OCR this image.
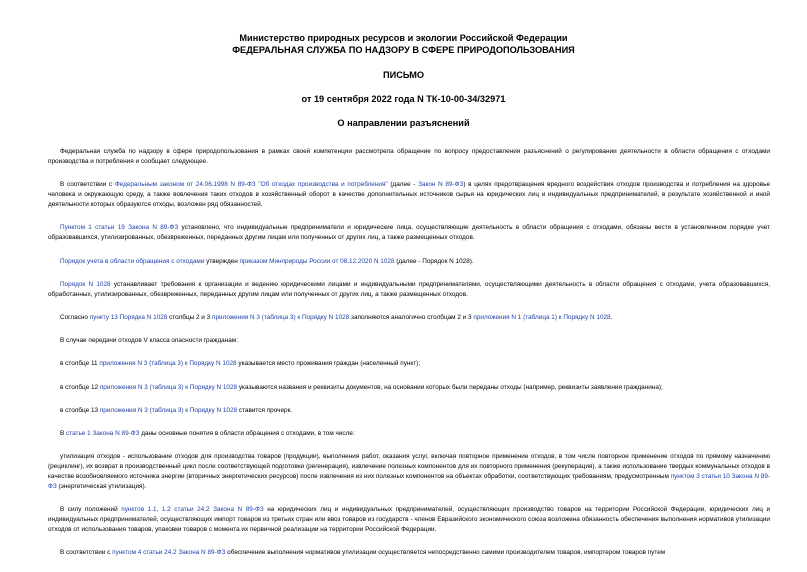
Министерство природных ресурсов и экологии Российской Федерации
ФЕДЕРАЛЬНАЯ СЛУЖБА ПО НАДЗОРУ В СФЕРЕ ПРИРОДОПОЛЬЗОВАНИЯ
ПИСЬМО
от 19 сентября 2022 года N ТК-10-00-34/32971
О направлении разъяснений

Федеральная служба по надзору в сфере природопользования в рамках своей компетенции рассмотрела обращение по вопросу предоставления разъяснений о регулировании деятельности в области обращения с отходами производства и потребления и сообщает следующее.

В соответствии с Федеральным законом от 24.06.1998 N 89-ФЗ "Об отходах производства и потребления" (далее - Закон N 89-ФЗ) в целях предотвращения вредного воздействия отходов производства и потребления на здоровье человека и окружающую среду, а также вовлечения таких отходов в хозяйственный оборот в качестве дополнительных источников сырья на юридических лиц и индивидуальных предпринимателей, в результате хозяйственной и иной деятельности которых образуются отходы, возложен ряд обязанностей.

Пунктом 1 статьи 19 Закона N 89-ФЗ установлено, что индивидуальные предприниматели и юридические лица, осуществляющие деятельность в области обращения с отходами, обязаны вести в установленном порядке учет образовавшихся, утилизированных, обезвреженных, переданных другим лицам или полученных от других лиц, а также размещенных отходов.

Порядок учета в области обращения с отходами утвержден приказом Минприроды России от 08.12.2020 N 1028 (далее - Порядок N 1028).

Порядок N 1028 устанавливает требования к организации и ведению юридическими лицами и индивидуальными предпринимателями, осуществляющими деятельность в области обращения с отходами, учета образовавшихся, обработанных, утилизированных, обезвреженных, переданных другим лицам или полученных от других лиц, а также размещенных отходов.

Согласно пункту 13 Порядка N 1028 столбцы 2 и 3 приложения N 3 (таблица 3) к Порядку N 1028 заполняются аналогично столбцам 2 и 3 приложения N 1 (таблица 1) к Порядку N 1028.

В случае передачи отходов V класса опасности гражданам:

в столбце 11 приложения N 3 (таблица 3) к Порядку N 1028 указывается место проживания граждан (населенный пункт);

в столбце 12 приложения N 3 (таблица 3) к Порядку N 1028 указываются названия и реквизиты документов, на основании которых были переданы отходы (например, реквизиты заявления гражданина);

в столбце 13 приложения N 3 (таблица 3) к Порядку N 1028 ставится прочерк.

В статье 1 Закона N 89-ФЗ даны основные понятия в области обращения с отходами, в том числе:

утилизация отходов - использование отходов для производства товаров (продукции), выполнения работ, оказания услуг, включая повторное применение отходов, в том числе повторное применение отходов по прямому назначению (рециклинг), их возврат в производственный цикл после соответствующей подготовки (регенерация), извлечение полезных компонентов для их повторного применения (рекуперация), а также использование твердых коммунальных отходов в качестве возобновляемого источника энергии (вторичных энергетических ресурсов) после извлечения из них полезных компонентов на объектах обработки, соответствующих требованиям, предусмотренным пунктом 3 статьи 10 Закона N 89-ФЗ (энергетическая утилизация).

В силу положений пунктов 1.1, 1.2 статьи 24.2 Закона N 89-ФЗ на юридических лиц и индивидуальных предпринимателей, осуществляющих производство товаров на территории Российской Федерации, юридических лиц и индивидуальных предпринимателей, осуществляющих импорт товаров из третьих стран или ввоз товаров из государств - членов Евразийского экономического союза возложена обязанность обеспечения выполнения нормативов утилизации отходов от использования товаров, упаковки товаров с момента их первичной реализации на территории Российской Федерации.

В соответствии с пунктом 4 статьи 24.2 Закона N 89-ФЗ обеспечение выполнения нормативов утилизации осуществляется непосредственно самими производителем товаров, импортером товаров путем
